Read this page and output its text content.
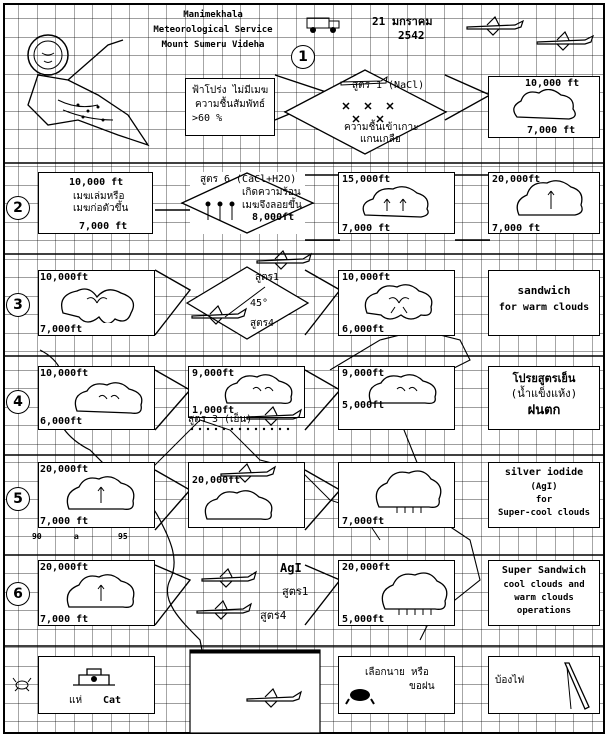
Manimekhala
Meteorological Service
Mount Sumeru Videha
21 มกราคม
2542
1
2
3
4
5
6
ฟ้าโปร่ง ไม่มีเมฆ
ความชื้นสัมพัทธ์
>60 %
สูตร 1 (NaCl)
ความชื้นเข้าเกาะ
แกนเกลือ
10,000 ft
7,000 ft
10,000 ft
เมฆเล่มหรือ
เมฆก่อตัวขึ้น
7,000 ft
สูตร 6 (CaCl+H2O)
เกิดความร้อน
เมฆจึงลอยขึ้น
8,000ft
15,000ft
7,000 ft
20,000ft
7,000 ft
10,000ft
7,000ft
สูตร1
45°
สูตร4
10,000ft
6,000ft
sandwich
for warm clouds
10,000ft
6,000ft
9,000ft
1,000ft
สูตร 3 (เย็น)
9,000ft
5,000ft
โปรยสูตรเย็น
(น้ำแข็งแห้ง)
ฝนตก
20,000ft
7,000 ft
90	a	95
20,000ft
7,000ft
silver iodide
(AgI)
for
Super-cool clouds
20,000ft
7,000 ft
AgI
สูตร1
สูตร4
20,000ft
5,000ft
Super Sandwich
cool clouds and
warm clouds
operations
แห่ Cat
เลือกนาย หรือ
ขอฝน
บ้องไฟ
